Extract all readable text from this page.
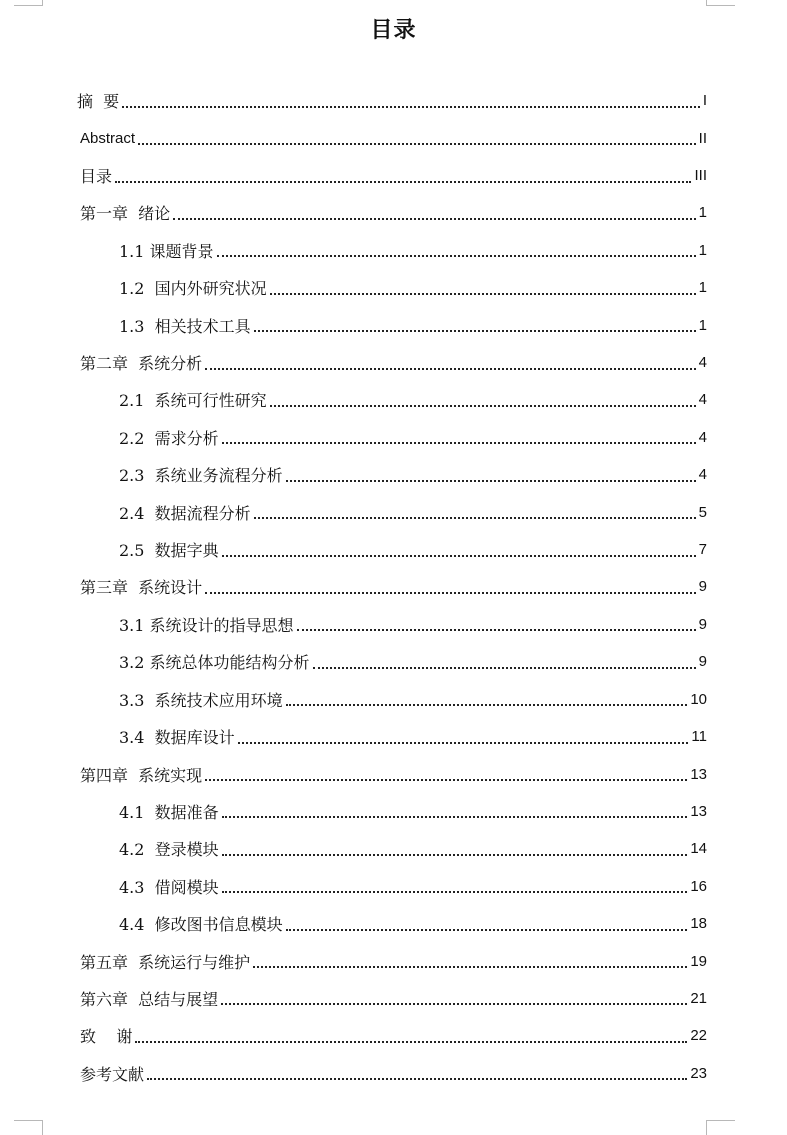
目录
摘  要	I
Abstract	II
目录	III
第一章  绪论	1
1.1 课题背景	1
1.2  国内外研究状况	1
1.3  相关技术工具	1
第二章  系统分析	4
2.1  系统可行性研究	4
2.2  需求分析	4
2.3  系统业务流程分析	4
2.4  数据流程分析	5
2.5  数据字典	7
第三章  系统设计	9
3.1 系统设计的指导思想	9
3.2 系统总体功能结构分析	9
3.3  系统技术应用环境	10
3.4  数据库设计	11
第四章  系统实现	13
4.1  数据准备	13
4.2  登录模块	14
4.3  借阅模块	16
4.4  修改图书信息模块	18
第五章  系统运行与维护	19
第六章  总结与展望	21
致    谢	22
参考文献	23
